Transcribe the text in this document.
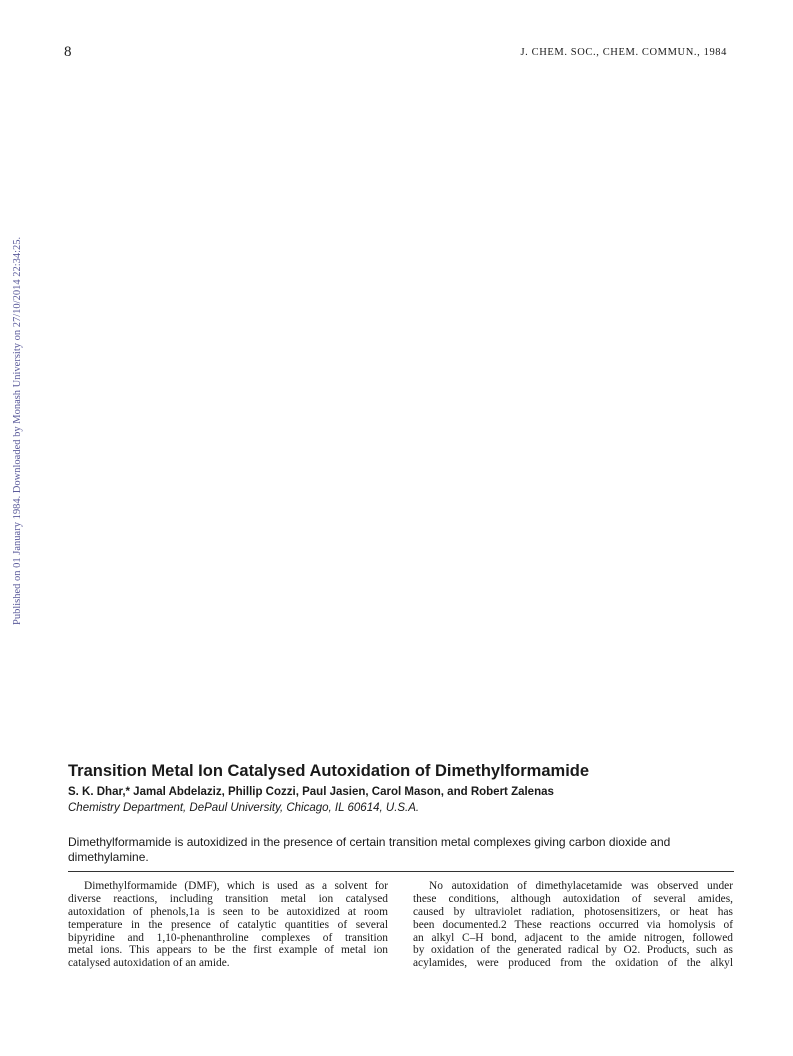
8	J. CHEM. SOC., CHEM. COMMUN., 1984
Published on 01 January 1984. Downloaded by Monash University on 27/10/2014 22:34:25.
Transition Metal Ion Catalysed Autoxidation of Dimethylformamide
S. K. Dhar,* Jamal Abdelaziz, Phillip Cozzi, Paul Jasien, Carol Mason, and Robert Zalenas
Chemistry Department, DePaul University, Chicago, IL 60614, U.S.A.
Dimethylformamide is autoxidized in the presence of certain transition metal complexes giving carbon dioxide and dimethylamine.
Dimethylformamide (DMF), which is used as a solvent for
diverse reactions, including transition metal ion catalysed
autoxidation of phenols,1a is seen to be autoxidized at room
temperature in the presence of catalytic quantities of several
bipyridine and 1,10-phenanthroline complexes of transition
metal ions. This appears to be the first example of metal ion
catalysed autoxidation of an amide.
No autoxidation of dimethylacetamide was observed under
these conditions, although autoxidation of several amides,
caused by ultraviolet radiation, photosensitizers, or heat has
been documented.2 These reactions occurred via homolysis of
an alkyl C–H bond, adjacent to the amide nitrogen, followed
by oxidation of the generated radical by O2. Products, such as
acylamides, were produced from the oxidation of the alkyl
